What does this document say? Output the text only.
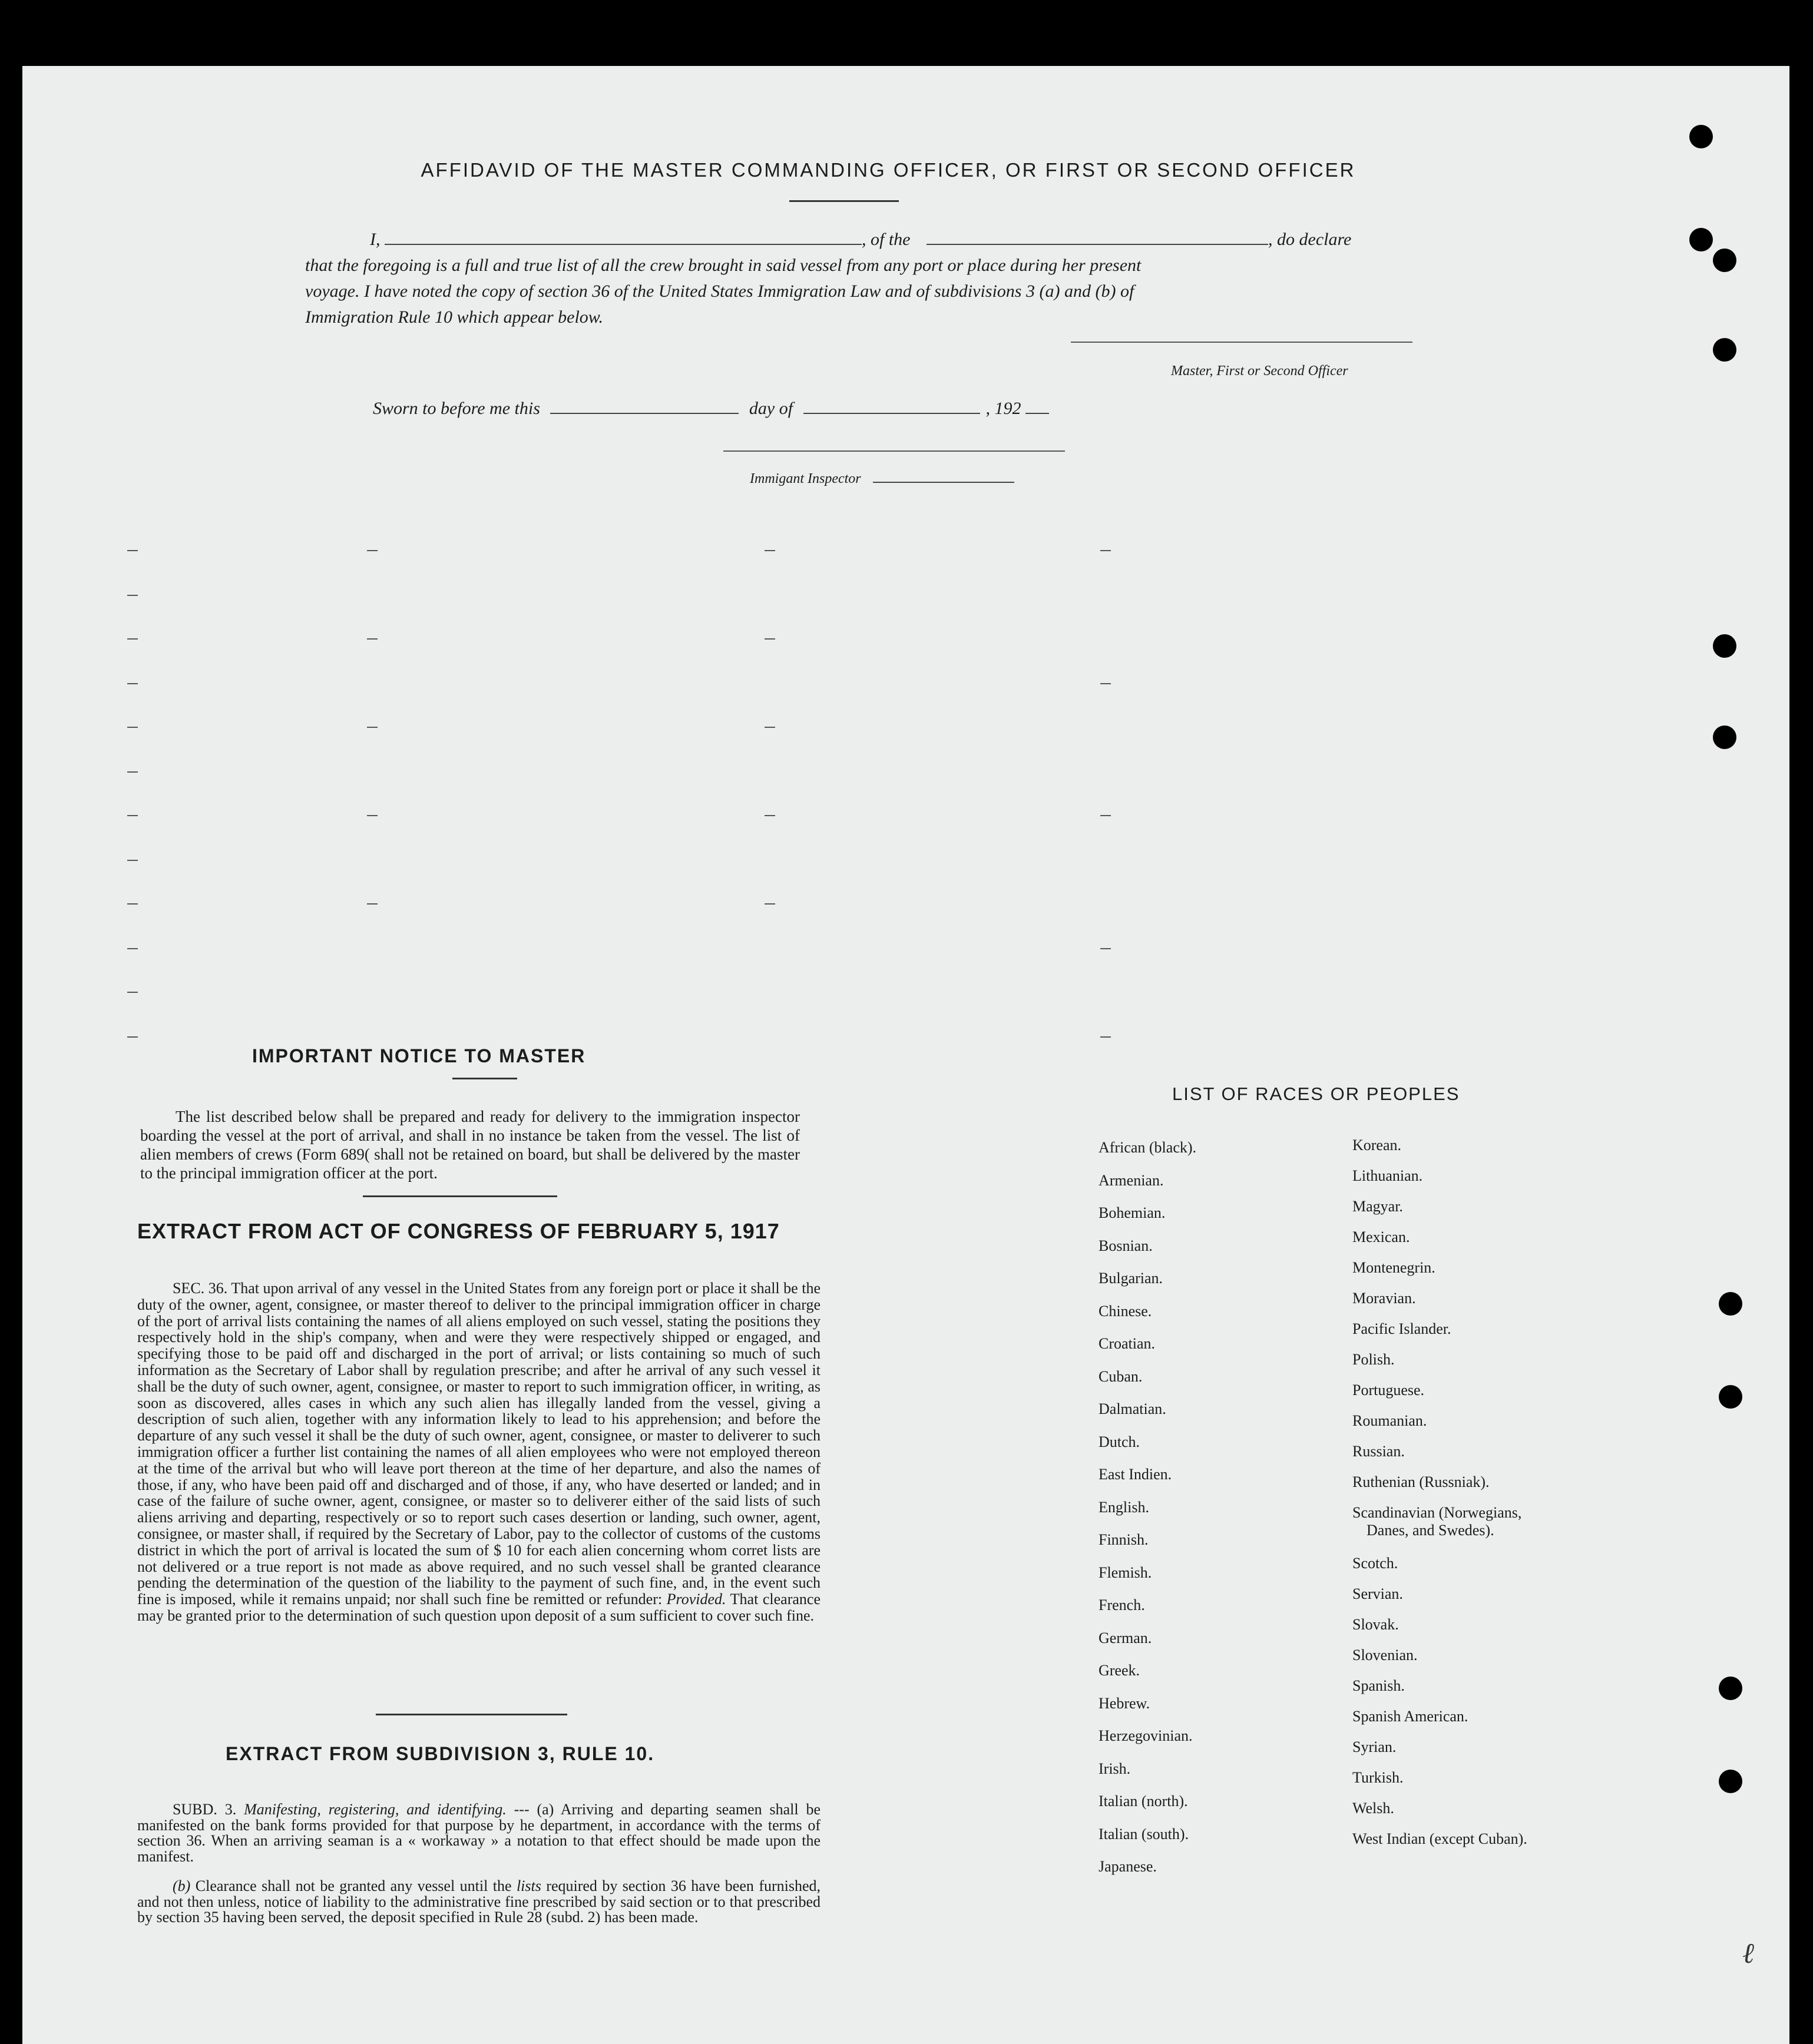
AFFIDAVID OF THE MASTER COMMANDING OFFICER, OR FIRST OR SECOND OFFICER
I,	, of the	, do declare
that the foregoing is a full and true list of all the crew brought in said vessel from any port or place during her present
voyage. I have noted the copy of section 36 of the United States Immigration Law and of subdivisions 3 (a) and (b) of
Immigration Rule 10 which appear below.
Master, First or Second Officer
Sworn to before me this	day of	, 192
Immigant Inspector
IMPORTANT NOTICE TO MASTER
The list described below shall be prepared and ready for delivery to the immigration inspector boarding the vessel at the port of arrival, and shall in no instance be taken from the vessel. The list of alien members of crews (Form 689( shall not be retained on board, but shall be delivered by the master to the principal immigration officer at the port.
EXTRACT FROM ACT OF CONGRESS OF FEBRUARY 5, 1917
SEC. 36. That upon arrival of any vessel in the United States from any foreign port or place it shall be the duty of the owner, agent, consignee, or master thereof to deliver to the principal immigration officer in charge of the port of arrival lists containing the names of all aliens employed on such vessel, stating the positions they respectively hold in the ship's company, when and were they were respectively shipped or engaged, and specifying those to be paid off and discharged in the port of arrival; or lists containing so much of such information as the Secretary of Labor shall by regulation prescribe; and after he arrival of any such vessel it shall be the duty of such owner, agent, consignee, or master to report to such immigration officer, in writing, as soon as discovered, alles cases in which any such alien has illegally landed from the vessel, giving a description of such alien, together with any information likely to lead to his apprehension; and before the departure of any such vessel it shall be the duty of such owner, agent, consignee, or master to deliverer to such immigration officer a further list containing the names of all alien employees who were not employed thereon at the time of the arrival but who will leave port thereon at the time of her departure, and also the names of those, if any, who have been paid off and discharged and of those, if any, who have deserted or landed; and in case of the failure of suche owner, agent, consignee, or master so to deliverer either of the said lists of such aliens arriving and departing, respectively or so to report such cases desertion or landing, such owner, agent, consignee, or master shall, if required by the Secretary of Labor, pay to the collector of customs of the customs district in which the port of arrival is located the sum of $ 10 for each alien concerning whom corret lists are not delivered or a true report is not made as above required, and no such vessel shall be granted clearance pending the determination of the question of the liability to the payment of such fine, and, in the event such fine is imposed, while it remains unpaid; nor shall such fine be remitted or refunder: Provided. That clearance may be granted prior to the determination of such question upon deposit of a sum sufficient to cover such fine.
EXTRACT FROM SUBDIVISION 3, RULE 10.
SUBD. 3. Manifesting, registering, and identifying. --- (a) Arriving and departing seamen shall be manifested on the bank forms provided for that purpose by he department, in accordance with the terms of section 36. When an arriving seaman is a « workaway » a notation to that effect should be made upon the manifest.
(b) Clearance shall not be granted any vessel until the lists required by section 36 have been furnished, and not then unless, notice of liability to the administrative fine prescribed by said section or to that prescribed by section 35 having been served, the deposit specified in Rule 28 (subd. 2) has been made.
LIST OF RACES OR PEOPLES
ℓ
African (black).
Armenian.
Bohemian.
Bosnian.
Bulgarian.
Chinese.
Croatian.
Cuban.
Dalmatian.
Dutch.
East Indien.
English.
Finnish.
Flemish.
French.
German.
Greek.
Hebrew.
Herzegovinian.
Irish.
Italian (north).
Italian (south).
Japanese.
Korean.
Lithuanian.
Magyar.
Mexican.
Montenegrin.
Moravian.
Pacific Islander.
Polish.
Portuguese.
Roumanian.
Russian.
Ruthenian (Russniak).
Scandinavian (Norwegians,
Danes, and Swedes).
Scotch.
Servian.
Slovak.
Slovenian.
Spanish.
Spanish American.
Syrian.
Turkish.
Welsh.
West Indian (except Cuban).
